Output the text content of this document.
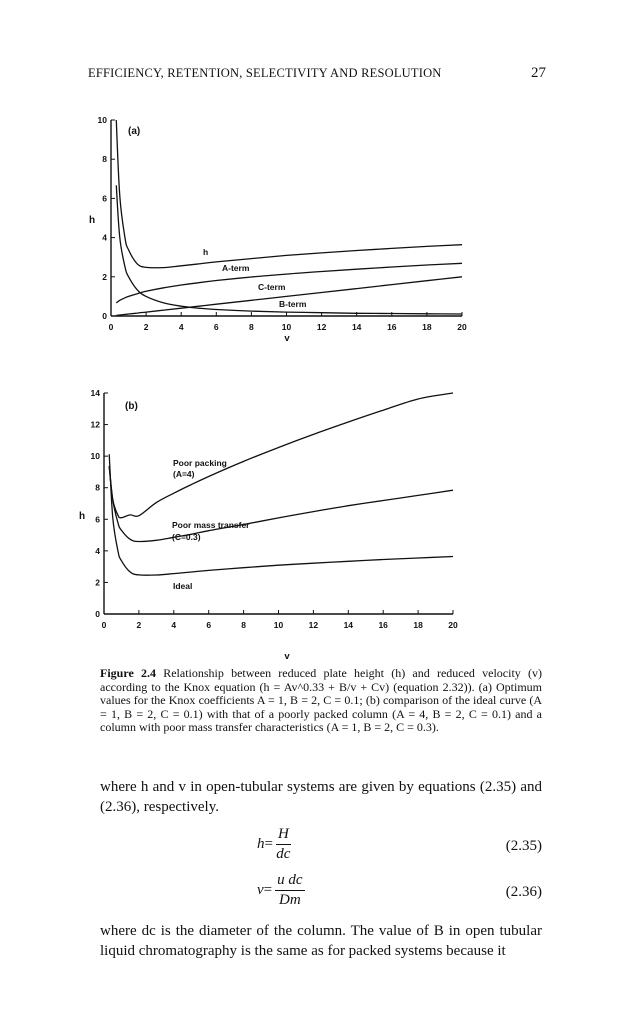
EFFICIENCY, RETENTION, SELECTIVITY AND RESOLUTION	27
0	2	4	6	8	10	12	14	16	18	20
0
2
4
6
8
10
v
h
(a)
h
A-term
C-term
B-term
0	2	4	6	8	10	12	14	16	18	20
0
2
4
6
8
10
12
14
v
h
(b)
Poor packing
(A=4)
Poor mass transfer
(C=0.3)
Ideal
Figure 2.4 Relationship between reduced plate height (h) and reduced velocity (v) according to the Knox equation (h = Av^0.33 + B/v + Cv) (equation 2.32)). (a) Optimum values for the Knox coefficients A = 1, B = 2, C = 0.1; (b) comparison of the ideal curve (A = 1, B = 2, C = 0.1) with that of a poorly packed column (A = 4, B = 2, C = 0.1) and a column with poor mass transfer characteristics (A = 1, B = 2, C = 0.3).
where h and v in open-tubular systems are given by equations (2.35) and (2.36), respectively.
$h = \frac{H}{dc}$	(2.35)
$v = \frac{\text{u dc}}{Dm}$	(2.36)
where dc is the diameter of the column. The value of B in open tubular liquid chromatography is the same as for packed systems because it
